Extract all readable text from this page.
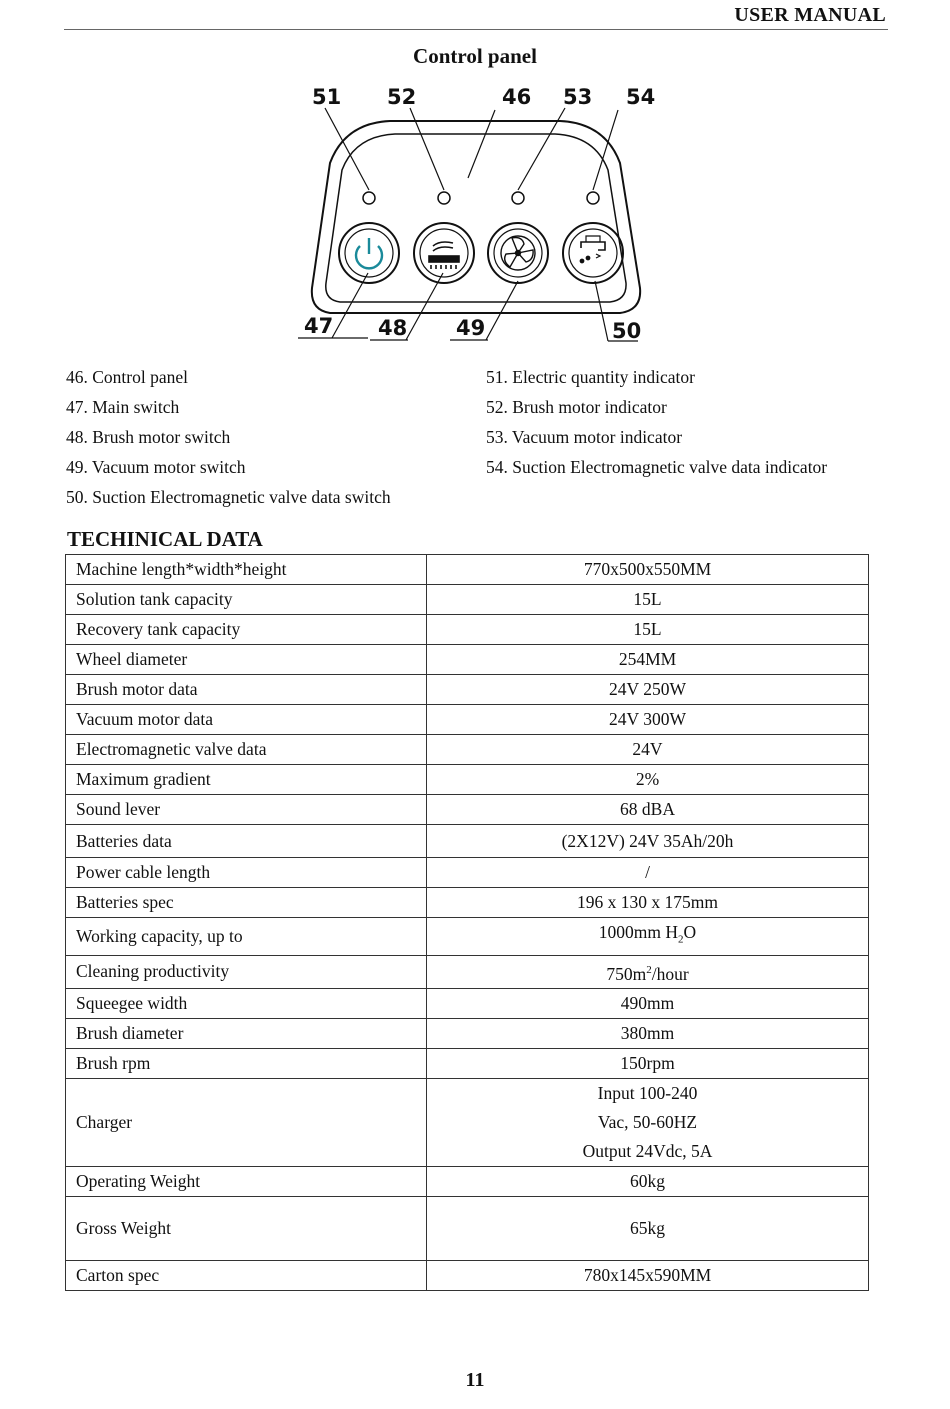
USER MANUAL
Control panel
51 52	46 53 54
47 48 49	50
46. Control panel
47. Main switch
48. Brush motor switch
49. Vacuum motor switch
50. Suction Electromagnetic valve data switch
51. Electric quantity indicator
52. Brush motor indicator
53. Vacuum motor indicator
54. Suction Electromagnetic valve data indicator
TECHINICAL DATA
Machine length*width*height	770x500x550MM
Solution tank capacity	15L
Recovery tank capacity	15L
Wheel diameter	254MM
Brush motor data	24V 250W
Vacuum motor data	24V 300W
Electromagnetic valve data	24V
Maximum gradient	2%
Sound lever	68 dBA
Batteries data	(2X12V) 24V 35Ah/20h
Power cable length	/
Batteries spec	196 x 130 x 175mm
Working capacity, up to	1000mm $H_2O$
Cleaning productivity	$750m^2$/hour
Squeegee width	490mm
Brush diameter	380mm
Brush rpm	150rpm
Charger	Input 100-240
Vac, 50-60HZ
Output 24Vdc, 5A

Operating Weight	60kg
Gross Weight	65kg
Carton spec	780x145x590MM
11
